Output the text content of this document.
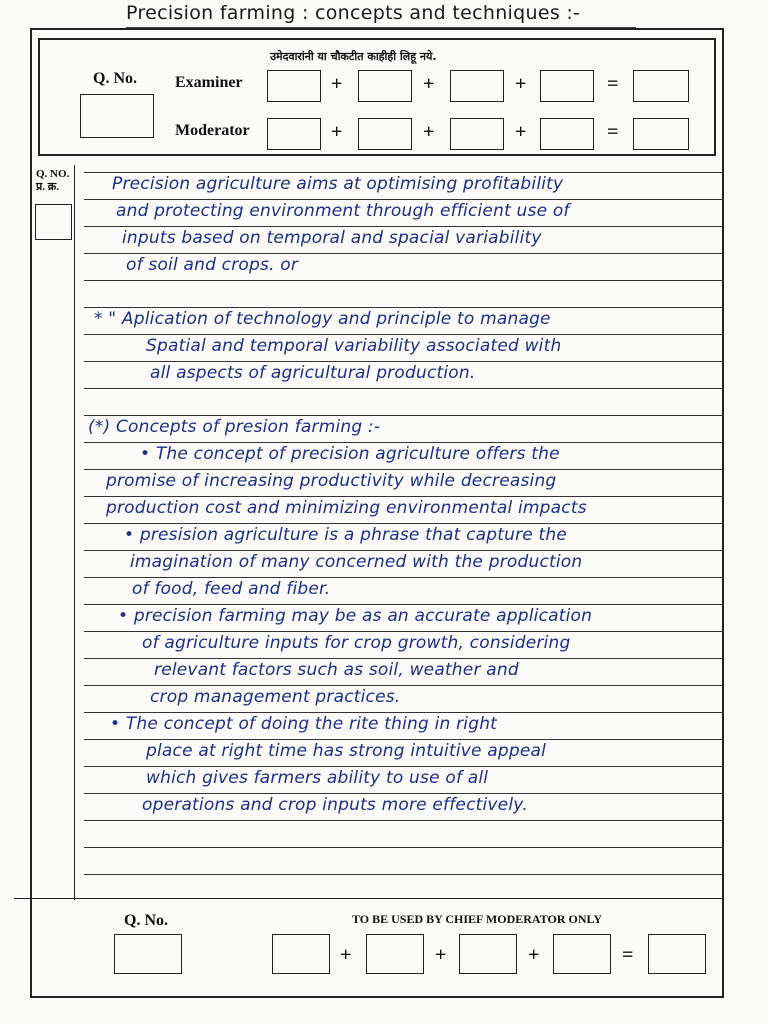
Precision farming : concepts and techniques :-
उमेदवारांनी या चौकटीत काहीही लिहू नये.
Q. No. Examiner	+	+	+	=
Moderator	+	+	+	=
Q. NO.
प्र. क्र.	Precision agriculture aims at optimising profitability
and protecting environment through efficient use of
inputs based on temporal and spacial variability
of soil and crops. or
* " Aplication of technology and principle to manage
Spatial and temporal variability associated with
all aspects of agricultural production.
(*) Concepts of presion farming :-
• The concept of precision agriculture offers the
promise of increasing productivity while decreasing
production cost and minimizing environmental impacts
• presision agriculture is a phrase that capture the
imagination of many concerned with the production
of food, feed and fiber.
• precision farming may be as an accurate application
of agriculture inputs for crop growth, considering
relevant factors such as soil, weather and
crop management practices.
• The concept of doing the rite thing in right
place at right time has strong intuitive appeal
which gives farmers ability to use of all
operations and crop inputs more effectively.
Q. No.	TO BE USED BY CHIEF MODERATOR ONLY
+	+	+	=
